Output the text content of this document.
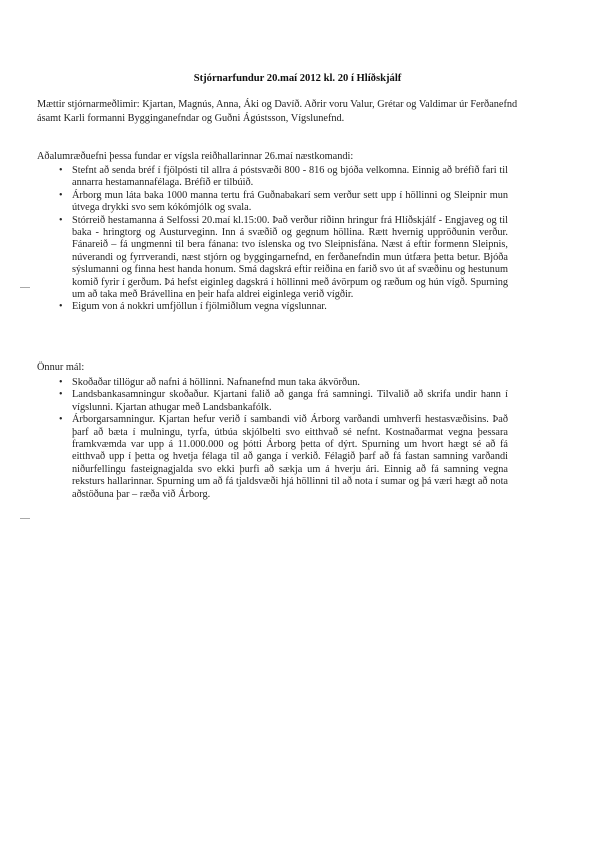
Stjórnarfundur 20.maí 2012 kl. 20 í Hlíðskjálf
Mættir stjórnarmeðlimir: Kjartan, Magnús, Anna, Áki og Davíð. Aðrir voru Valur, Grétar og Valdimar úr Ferðanefnd ásamt Karli formanni Bygginganefndar og Guðni Ágústsson, Vígslunefnd.
Aðalumræðuefni þessa fundar er vígsla reiðhallarinnar 26.maí næstkomandi:
• Stefnt að senda bréf í fjölpósti til allra á póstsvæði 800 - 816 og bjóða velkomna. Einnig að bréfið fari til annarra hestamannafélaga. Bréfið er tilbúið.
• Árborg mun láta baka 1000 manna tertu frá Guðnabakarí sem verður sett upp í höllinni og Sleipnir mun útvega drykki svo sem kókómjólk og svala.
• Stórreið hestamanna á Selfossi 20.maí kl.15:00. Það verður riðinn hringur frá Hlíðskjálf - Engjaveg og til baka - hringtorg og Austurveginn. Inn á svæðið og gegnum höllina. Rætt hvernig uppröðunin verður. Fánareið – fá ungmenni til bera fánana: tvo íslenska og tvo Sleipnisfána. Næst á eftir formenn Sleipnis, núverandi og fyrrverandi, næst stjórn og byggingarnefnd, en ferðanefndin mun útfæra þetta betur. Bjóða sýslumanni og finna hest handa honum. Smá dagskrá eftir reiðina en farið svo út af svæðinu og hestunum komið fyrir í gerðum. Þá hefst eiginleg dagskrá í höllinni með ávörpum og ræðum og hún vígð. Spurning um að taka með Brávellina en þeir hafa aldrei eiginlega verið vígðir.
• Eigum von á nokkri umfjöllun í fjölmiðlum vegna vígslunnar.
Önnur mál:
• Skoðaðar tillögur að nafni á höllinni. Nafnanefnd mun taka ákvörðun.
• Landsbankasamningur skoðaður. Kjartani falið að ganga frá samningi. Tilvalið að skrifa undir hann í vígslunni. Kjartan athugar með Landsbankafólk.
• Árborgarsamningur. Kjartan hefur verið í sambandi við Árborg varðandi umhverfi hestasvæðisins. Það þarf að bæta í mulningu, tyrfa, útbúa skjólbelti svo eitthvað sé nefnt. Kostnaðarmat vegna þessara framkvæmda var upp á 11.000.000 og þótti Árborg þetta of dýrt. Spurning um hvort hægt sé að fá eitthvað upp í þetta og hvetja félaga til að ganga í verkið. Félagið þarf að fá fastan samning varðandi niðurfellingu fasteignagjalda svo ekki þurfi að sækja um á hverju ári. Einnig að fá samning vegna reksturs hallarinnar. Spurning um að fá tjaldsvæði hjá höllinni til að nota í sumar og þá væri hægt að nota aðstöðuna þar – ræða við Árborg.
